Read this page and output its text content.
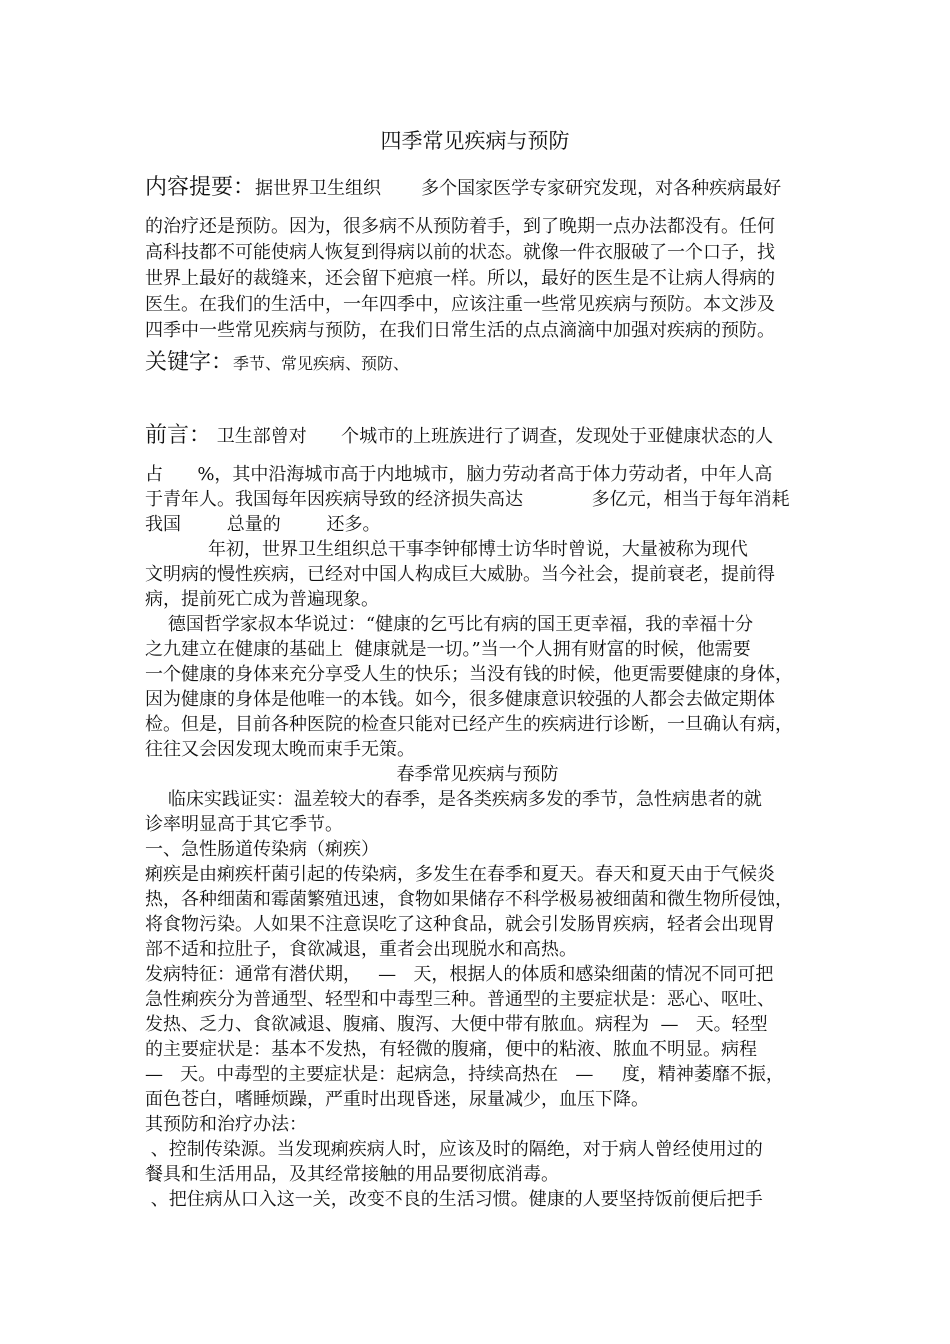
四季常见疾病与预防
内容提要：据世界卫生组织       多个国家医学专家研究发现，对各种疾病最好
的治疗还是预防。因为，很多病不从预防着手，到了晚期一点办法都没有。任何
高科技都不可能使病人恢复到得病以前的状态。就像一件衣服破了一个口子，找
世界上最好的裁缝来，还会留下疤痕一样。所以，最好的医生是不让病人得病的
医生。在我们的生活中，一年四季中，应该注重一些常见疾病与预防。本文涉及
四季中一些常见疾病与预防，在我们日常生活的点点滴滴中加强对疾病的预防。
关键字：季节、常见疾病、预防、
前言： 卫生部曾对      个城市的上班族进行了调查，发现处于亚健康状态的人
占      %，其中沿海城市高于内地城市，脑力劳动者高于体力劳动者，中年人高
于青年人。我国每年因疾病导致的经济损失高达            多亿元，相当于每年消耗
我国        总量的        还多。
年初，世界卫生组织总干事李钟郁博士访华时曾说，大量被称为现代
文明病的慢性疾病，已经对中国人构成巨大威胁。当今社会，提前衰老，提前得
病，提前死亡成为普遍现象。
德国哲学家叔本华说过：“健康的乞丐比有病的国王更幸福，我的幸福十分
之九建立在健康的基础上  健康就是一切。”当一个人拥有财富的时候，他需要
一个健康的身体来充分享受人生的快乐；当没有钱的时候，他更需要健康的身体，
因为健康的身体是他唯一的本钱。如今，很多健康意识较强的人都会去做定期体
检。但是，目前各种医院的检查只能对已经产生的疾病进行诊断，一旦确认有病，
往往又会因发现太晚而束手无策。
春季常见疾病与预防
临床实践证实：温差较大的春季，是各类疾病多发的季节，急性病患者的就
诊率明显高于其它季节。
一、急性肠道传染病（痢疾）
痢疾是由痢疾杆菌引起的传染病，多发生在春季和夏天。春天和夏天由于气候炎
热，各种细菌和霉菌繁殖迅速，食物如果储存不科学极易被细菌和微生物所侵蚀，
将食物污染。人如果不注意误吃了这种食品，就会引发肠胃疾病，轻者会出现胃
部不适和拉肚子，食欲减退，重者会出现脱水和高热。
发病特征：通常有潜伏期，   —   天，根据人的体质和感染细菌的情况不同可把
急性痢疾分为普通型、轻型和中毒型三种。普通型的主要症状是：恶心、呕吐、
发热、乏力、食欲减退、腹痛、腹泻、大便中带有脓血。病程为  —   天。轻型
的主要症状是：基本不发热，有轻微的腹痛，便中的粘液、脓血不明显。病程
—   天。中毒型的主要症状是：起病急，持续高热在   —     度，精神萎靡不振，
面色苍白，嗜睡烦躁，严重时出现昏迷，尿量减少，血压下降。
其预防和治疗办法：
、控制传染源。当发现痢疾病人时，应该及时的隔绝，对于病人曾经使用过的
餐具和生活用品，及其经常接触的用品要彻底消毒。
、把住病从口入这一关，改变不良的生活习惯。健康的人要坚持饭前便后把手
